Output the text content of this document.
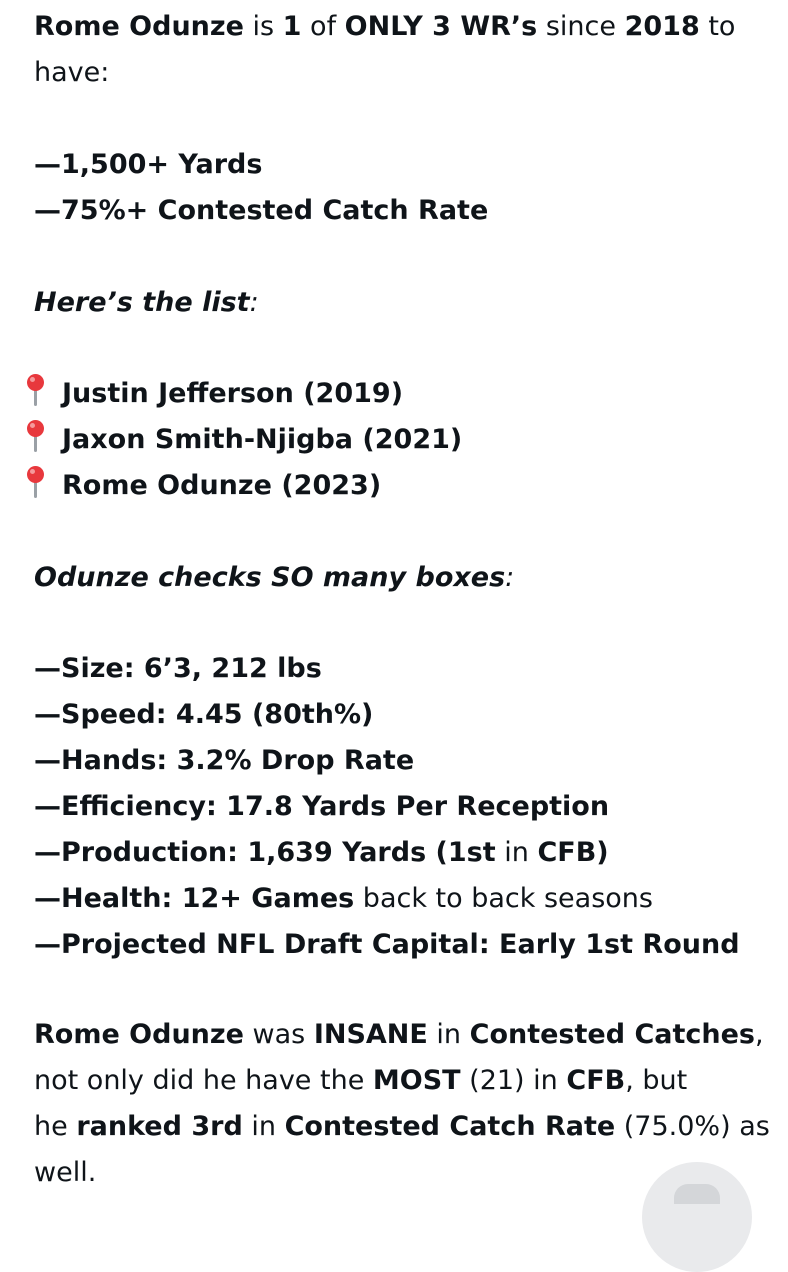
Rome Odunze is 1 of ONLY 3 WR’s since 2018 to
have:
—1,500+ Yards
—75%+ Contested Catch Rate
Here’s the list:
Justin Jefferson (2019)
Jaxon Smith-Njigba (2021)
Rome Odunze (2023)
Odunze checks SO many boxes:
—Size: 6’3, 212 lbs
—Speed: 4.45 (80th%)
—Hands: 3.2% Drop Rate
—Efficiency: 17.8 Yards Per Reception
—Production: 1,639 Yards (1st in CFB)
—Health: 12+ Games back to back seasons
—Projected NFL Draft Capital: Early 1st Round
Rome Odunze was INSANE in Contested Catches,
not only did he have the MOST (21) in CFB, but
he ranked 3rd in Contested Catch Rate (75.0%) as
well.
